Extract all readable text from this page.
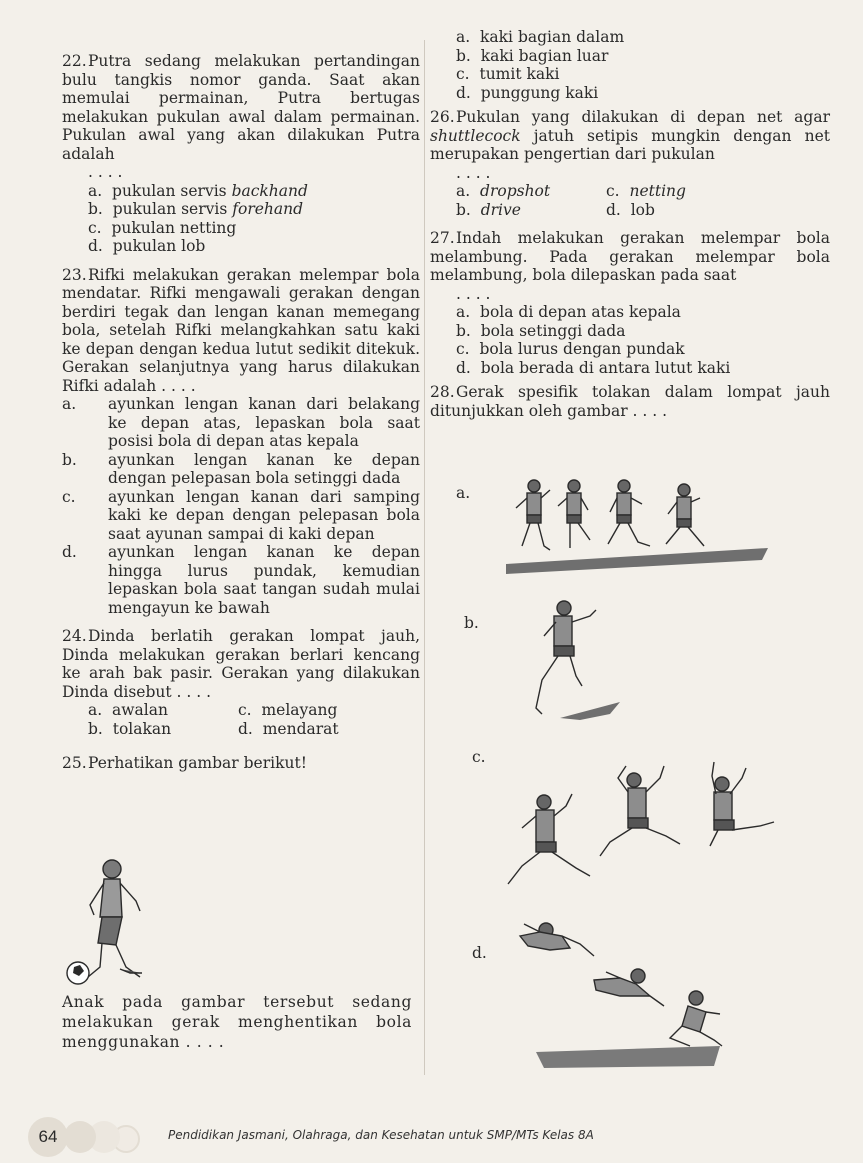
22.Putra sedang melakukan pertandingan bulu tangkis nomor ganda. Saat akan memulai permainan, Putra bertugas melakukan pukulan awal dalam permainan. Pukulan awal yang akan dilakukan Putra adalah
. . . .
a. pukulan servis backhand
b. pukulan servis forehand
c. pukulan netting
d. pukulan lob
23.Rifki melakukan gerakan melempar bola mendatar. Rifki mengawali gerakan dengan berdiri tegak dan lengan kanan memegang bola, setelah Rifki melangkahkan satu kaki ke depan dengan kedua lutut sedikit ditekuk. Gerakan selanjutnya yang harus dilakukan Rifki adalah . . . .
a.	ayunkan lengan kanan dari belakang ke depan atas, lepaskan bola saat posisi bola di depan atas kepala
b.	ayunkan lengan kanan ke depan dengan pelepasan bola setinggi dada
c.	ayunkan lengan kanan dari samping kaki ke depan dengan pelepasan bola saat ayunan sampai di kaki depan
d.	ayunkan lengan kanan ke depan hingga lurus pundak, kemudian lepaskan bola saat tangan sudah mulai mengayun ke bawah
24.Dinda berlatih gerakan lompat jauh, Dinda melakukan gerakan berlari kencang ke arah bak pasir. Gerakan yang dilakukan Dinda disebut . . . .
a. awalan	c. melayang
b. tolakan	d. mendarat
25.Perhatikan gambar berikut!
Anak pada gambar tersebut sedang melakukan gerak menghentikan bola menggunakan . . . .
a. kaki bagian dalam
b. kaki bagian luar
c. tumit kaki
d. punggung kaki
26.Pukulan yang dilakukan di depan net agar shuttlecock jatuh setipis mungkin dengan net merupakan pengertian dari pukulan
. . . .
a. dropshot	c. netting
b. drive	d. lob
27.Indah melakukan gerakan melempar bola melambung. Pada gerakan melempar bola melambung, bola dilepaskan pada saat
. . . .
a. bola di depan atas kepala
b. bola setinggi dada
c. bola lurus dengan pundak
d. bola berada di antara lutut kaki
28.Gerak spesifik tolakan dalam lompat jauh ditunjukkan oleh gambar . . . .
a.
b.
c.
d.
64	Pendidikan Jasmani, Olahraga, dan Kesehatan untuk SMP/MTs Kelas 8A
